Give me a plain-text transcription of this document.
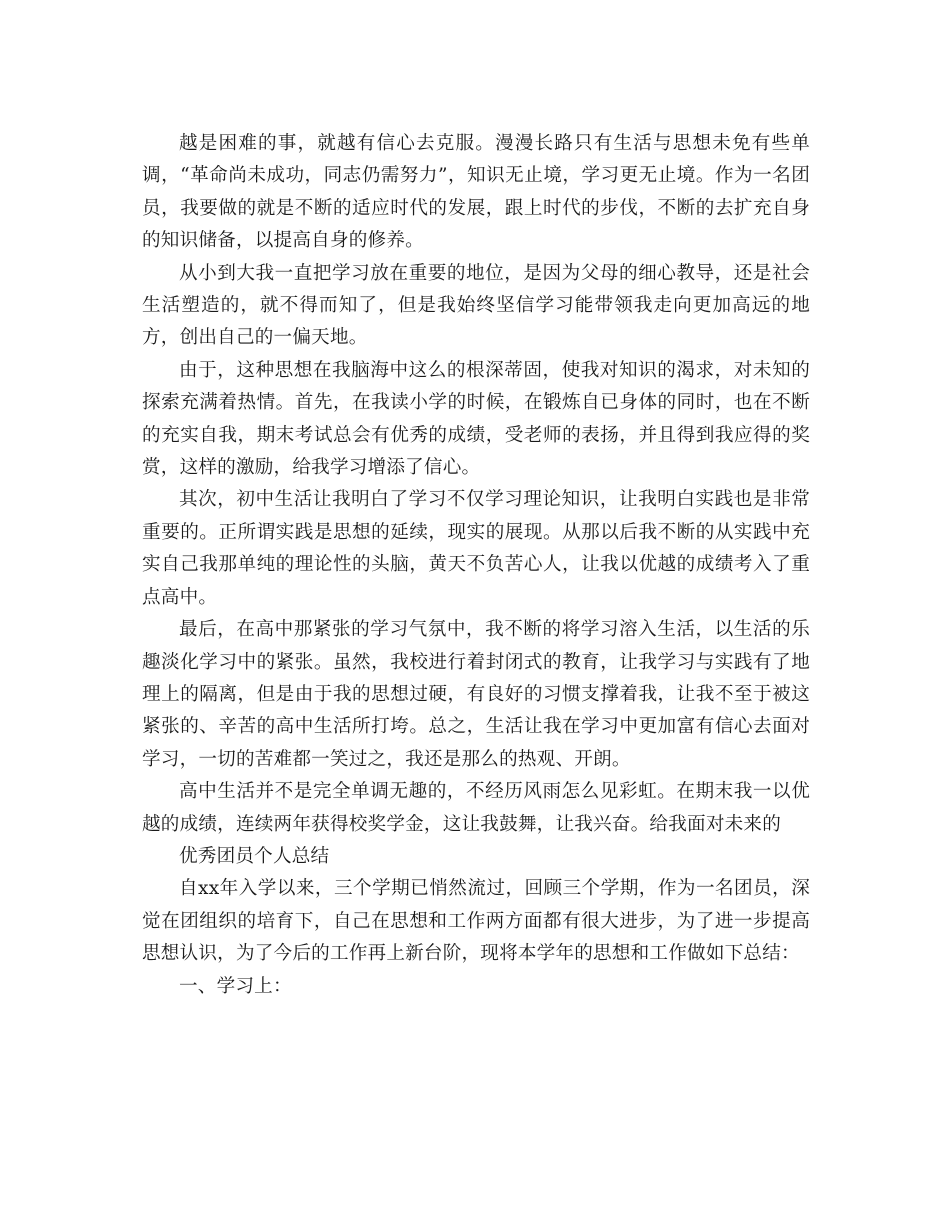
越是困难的事，就越有信心去克服。漫漫长路只有生活与思想未免有些单调，“革命尚未成功，同志仍需努力”，知识无止境，学习更无止境。作为一名团员，我要做的就是不断的适应时代的发展，跟上时代的步伐，不断的去扩充自身的知识储备，以提高自身的修养。

从小到大我一直把学习放在重要的地位，是因为父母的细心教导，还是社会生活塑造的，就不得而知了，但是我始终坚信学习能带领我走向更加高远的地方，创出自己的一偏天地。

由于，这种思想在我脑海中这么的根深蒂固，使我对知识的渴求，对未知的探索充满着热情。首先，在我读小学的时候，在锻炼自已身体的同时，也在不断的充实自我，期末考试总会有优秀的成绩，受老师的表扬，并且得到我应得的奖赏，这样的激励，给我学习增添了信心。

其次，初中生活让我明白了学习不仅学习理论知识，让我明白实践也是非常重要的。正所谓实践是思想的延续，现实的展现。从那以后我不断的从实践中充实自己我那单纯的理论性的头脑，黄天不负苦心人，让我以优越的成绩考入了重点高中。

最后，在高中那紧张的学习气氛中，我不断的将学习溶入生活，以生活的乐趣淡化学习中的紧张。虽然，我校进行着封闭式的教育，让我学习与实践有了地理上的隔离，但是由于我的思想过硬，有良好的习惯支撑着我，让我不至于被这紧张的、辛苦的高中生活所打垮。总之，生活让我在学习中更加富有信心去面对学习，一切的苦难都一笑过之，我还是那么的热观、开朗。

高中生活并不是完全单调无趣的，不经历风雨怎么见彩虹。在期末我一以优越的成绩，连续两年获得校奖学金，这让我鼓舞，让我兴奋。给我面对未来的

优秀团员个人总结

自xx年入学以来，三个学期已悄然流过，回顾三个学期，作为一名团员，深觉在团组织的培育下，自己在思想和工作两方面都有很大进步，为了进一步提高思想认识，为了今后的工作再上新台阶，现将本学年的思想和工作做如下总结：

一、学习上：
